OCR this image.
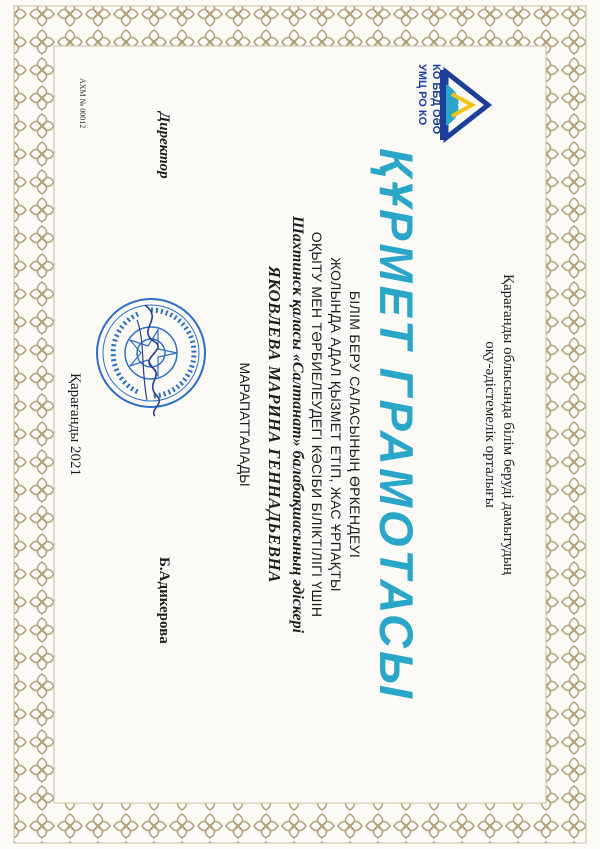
КО ББД ОӘО
УМЦ РО КО
Қарағанды облысында білім беруді дамытудың
оқу-әдістемелік орталығы
ҚҰРМЕТ ГРАМОТАСЫ
БІЛІМ БЕРУ САЛАСЫНЫҢ ӨРКЕНДЕУІ
ЖОЛЫНДА АДАЛ ҚЫЗМЕТ ЕТІП, ЖАС ҰРПАҚТЫ
ОҚЫТУ МЕН ТӘРБИЕЛЕУДЕГІ КӘСІБИ БІЛІКТІЛІГІ ҮШІН
Шахтинск қаласы «Салтанат» балабақшасының әдіскері
ЯКОВЛЕВА МАРИНА ГЕННАДЬЕВНА
МАРАПАТТАЛАДЫ
Директор
Б.Адикерова
Қарағанды 2021
АХМ № 00012
